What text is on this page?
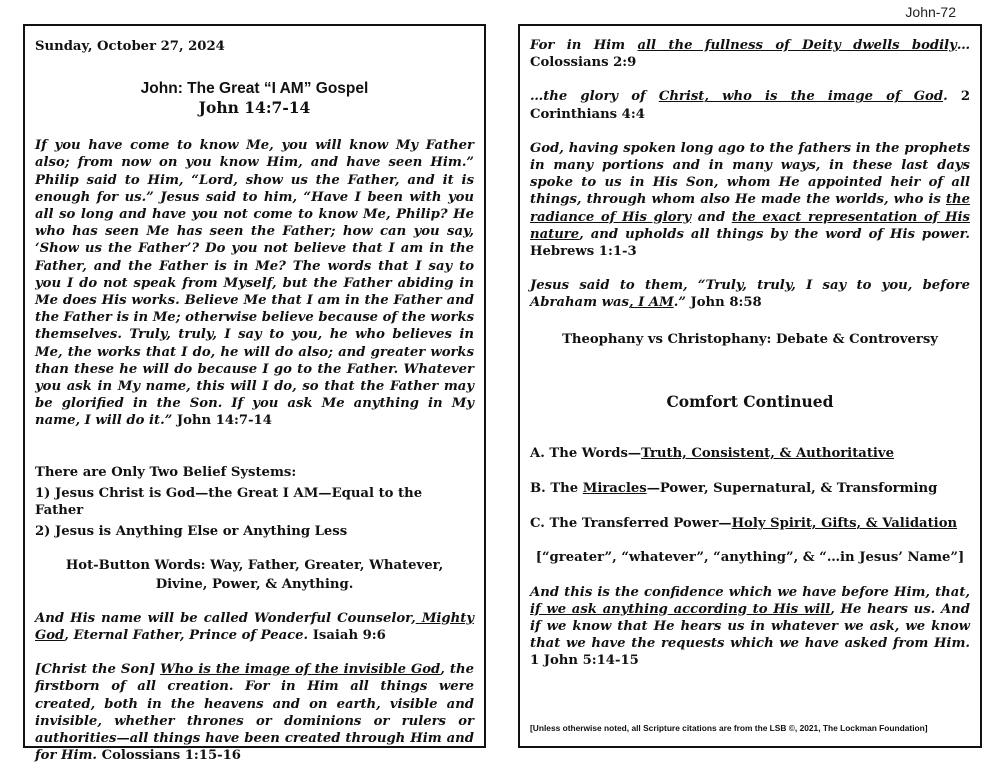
John-72

Sunday, October 27, 2024

John: The Great “I AM” Gospel

John 14:7-14

If you have come to know Me, you will know My Father also; from now on you know Him, and have seen Him.” Philip said to Him, “Lord, show us the Father, and it is enough for us.” Jesus said to him, “Have I been with you all so long and have you not come to know Me, Philip? He who has seen Me has seen the Father; how can you say, ‘Show us the Father’? Do you not believe that I am in the Father, and the Father is in Me? The words that I say to you I do not speak from Myself, but the Father abiding in Me does His works. Believe Me that I am in the Father and the Father is in Me; otherwise believe because of the works themselves. Truly, truly, I say to you, he who believes in Me, the works that I do, he will do also; and greater works than these he will do because I go to the Father. Whatever you ask in My name, this will I do, so that the Father may be glorified in the Son. If you ask Me anything in My name, I will do it.” John 14:7-14

There are Only Two Belief Systems:

1) Jesus Christ is God—the Great I AM—Equal to the Father

2) Jesus is Anything Else or Anything Less

Hot-Button Words: Way, Father, Greater, Whatever,

Divine, Power, & Anything.

And His name will be called Wonderful Counselor, Mighty God, Eternal Father, Prince of Peace. Isaiah 9:6

[Christ the Son] Who is the image of the invisible God, the firstborn of all creation. For in Him all things were created, both in the heavens and on earth, visible and invisible, whether thrones or dominions or rulers or authorities—all things have been created through Him and for Him. Colossians 1:15-16

For in Him all the fullness of Deity dwells bodily… Colossians 2:9

…the glory of Christ, who is the image of God. 2 Corinthians 4:4

God, having spoken long ago to the fathers in the prophets in many portions and in many ways, in these last days spoke to us in His Son, whom He appointed heir of all things, through whom also He made the worlds, who is the radiance of His glory and the exact representation of His nature, and upholds all things by the word of His power. Hebrews 1:1-3

Jesus said to them, “Truly, truly, I say to you, before Abraham was, I AM.” John 8:58

Theophany vs Christophany: Debate & Controversy

Comfort Continued

A. The Words—Truth, Consistent, & Authoritative

B. The Miracles—Power, Supernatural, & Transforming

C. The Transferred Power—Holy Spirit, Gifts, & Validation

[“greater”, “whatever”, “anything”, & “…in Jesus’ Name”]

And this is the confidence which we have before Him, that, if we ask anything according to His will, He hears us. And if we know that He hears us in whatever we ask, we know that we have the requests which we have asked from Him. 1 John 5:14-15

[Unless otherwise noted, all Scripture citations are from the LSB ©, 2021, The Lockman Foundation]
